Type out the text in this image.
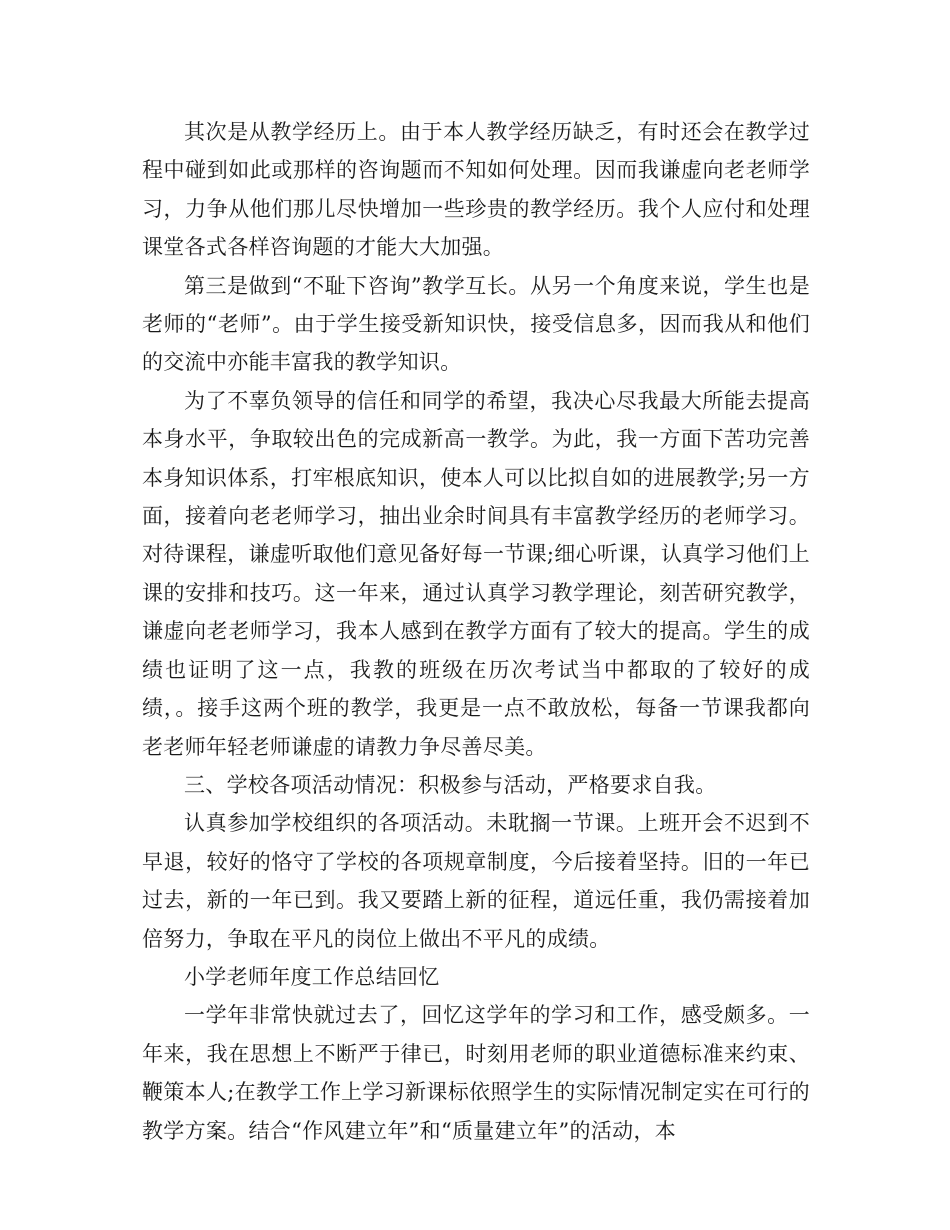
其次是从教学经历上。由于本人教学经历缺乏，有时还会在教学过程中碰到如此或那样的咨询题而不知如何处理。因而我谦虚向老老师学习，力争从他们那儿尽快增加一些珍贵的教学经历。我个人应付和处理课堂各式各样咨询题的才能大大加强。

第三是做到“不耻下咨询”教学互长。从另一个角度来说，学生也是老师的“老师”。由于学生接受新知识快，接受信息多，因而我从和他们的交流中亦能丰富我的教学知识。

为了不辜负领导的信任和同学的希望，我决心尽我最大所能去提高本身水平，争取较出色的完成新高一教学。为此，我一方面下苦功完善本身知识体系，打牢根底知识，使本人可以比拟自如的进展教学;另一方面，接着向老老师学习，抽出业余时间具有丰富教学经历的老师学习。对待课程，谦虚听取他们意见备好每一节课;细心听课，认真学习他们上课的安排和技巧。这一年来，通过认真学习教学理论，刻苦研究教学，谦虚向老老师学习，我本人感到在教学方面有了较大的提高。学生的成绩也证明了这一点，我教的班级在历次考试当中都取的了较好的成绩，。接手这两个班的教学，我更是一点不敢放松，每备一节课我都向老老师年轻老师谦虚的请教力争尽善尽美。

三、学校各项活动情况：积极参与活动，严格要求自我。

认真参加学校组织的各项活动。未耽搁一节课。上班开会不迟到不早退，较好的恪守了学校的各项规章制度，今后接着坚持。旧的一年已过去，新的一年已到。我又要踏上新的征程，道远任重，我仍需接着加倍努力，争取在平凡的岗位上做出不平凡的成绩。

小学老师年度工作总结回忆

一学年非常快就过去了，回忆这学年的学习和工作，感受颇多。一年来，我在思想上不断严于律已，时刻用老师的职业道德标准来约束、鞭策本人;在教学工作上学习新课标依照学生的实际情况制定实在可行的教学方案。结合“作风建立年”和“质量建立年”的活动，本
